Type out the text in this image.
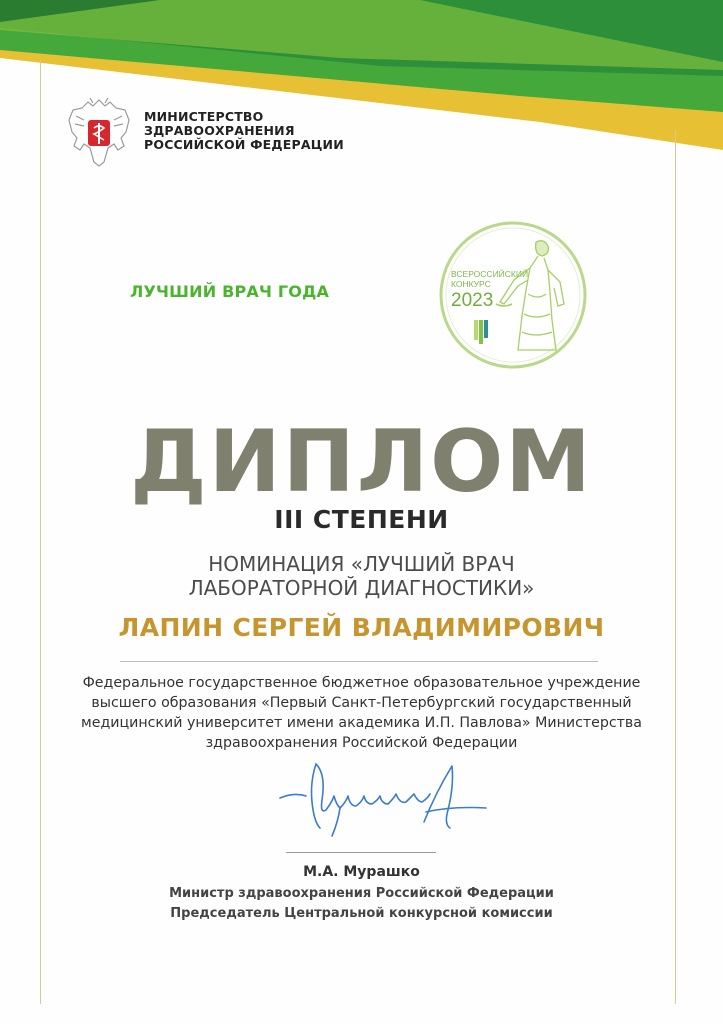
МИНИСТЕРСТВО
ЗДРАВООХРАНЕНИЯ
РОССИЙСКОЙ ФЕДЕРАЦИИ
ЛУЧШИЙ ВРАЧ ГОДА
ВСЕРОССИЙСКИЙ
КОНКУРС
2023
ДИПЛОМ
III СТЕПЕНИ
НОМИНАЦИЯ «ЛУЧШИЙ ВРАЧ
ЛАБОРАТОРНОЙ ДИАГНОСТИКИ»
ЛАПИН СЕРГЕЙ ВЛАДИМИРОВИЧ
Федеральное государственное бюджетное образовательное учреждение
высшего образования «Первый Санкт-Петербургский государственный
медицинский университет имени академика И.П. Павлова» Министерства
здравоохранения Российской Федерации
М.А. Мурашко
Министр здравоохранения Российской Федерации
Председатель Центральной конкурсной комиссии
